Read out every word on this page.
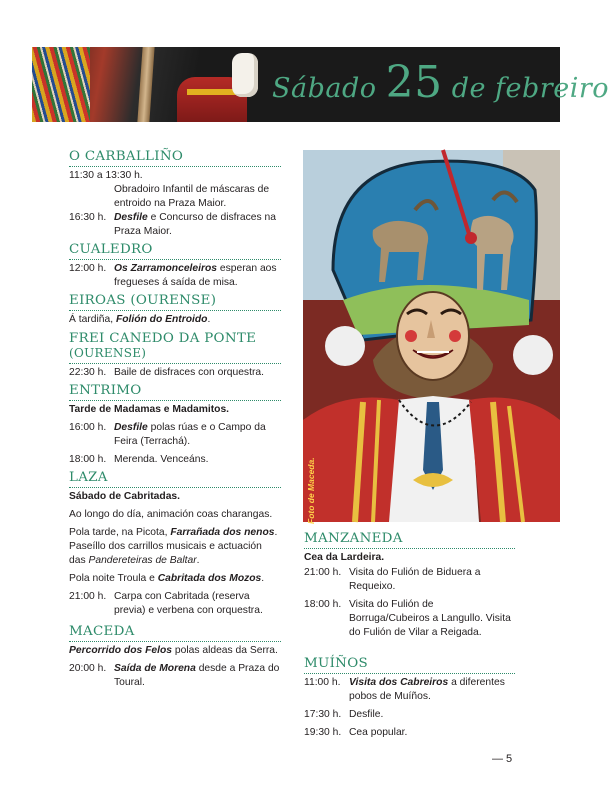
Sábado 25 de febreiro
O CARBALLIÑO
11:30 a 13:30 h.
Obradoiro Infantil de máscaras de entroido na Praza Maior.
16:30 h. Desfile e Concurso de disfraces na Praza Maior.
CUALEDRO
12:00 h. Os Zarramonceleiros esperan aos fregueses á saída de misa.
EIROAS (OURENSE)

Á tardiña, Folión do Entroido.

FREI CANEDO DA PONTE
(OURENSE)
22:30 h. Baile de disfraces con orquestra.
ENTRIMO

Tarde de Madamas e Madamitos.

16:00 h. Desfile polas rúas e o Campo da Feira (Terrachá).
18:00 h. Merenda. Venceáns.
LAZA

Sábado de Cabritadas.

Ao longo do día, animación coas charangas.

Pola tarde, na Picota, Farrañada dos nenos. Paseíllo dos carrillos musicais e actuación das Pandereteiras de Baltar.

Pola noite Troula e Cabritada dos Mozos.

21:00 h. Carpa con Cabritada (reserva previa) e verbena con orquestra.
MACEDA

Percorrido dos Felos polas aldeas da Serra.

20:00 h. Saída de Morena desde a Praza do Toural.
Foto de Maceda.
MANZANEDA

Cea da Lardeira.

21:00 h. Visita do Fulión de Biduera a Requeixo.
18:00 h. Visita do Fulión de Borruga/Cubeiros a Langullo. Visita do Fulión de Vilar a Reigada.
MUÍÑOS
11:00 h. Visita dos Cabreiros a diferentes pobos de Muíños.
17:30 h. Desfile.
19:30 h. Cea popular.
— 5
